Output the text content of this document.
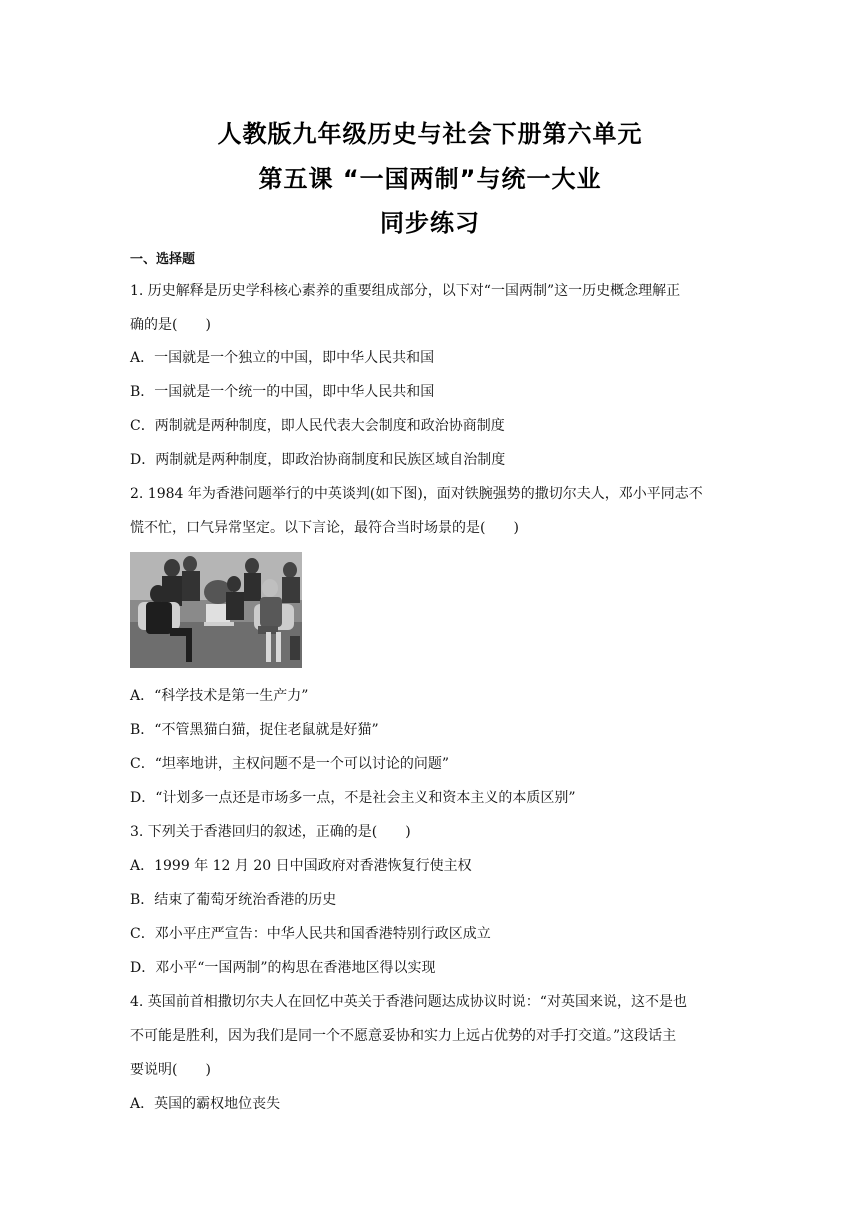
人教版九年级历史与社会下册第六单元
第五课 “一国两制”与统一大业
同步练习
一、选择题
1. 历史解释是历史学科核心素养的重要组成部分，以下对“一国两制”这一历史概念理解正
确的是(　　)
A．一国就是一个独立的中国，即中华人民共和国
B．一国就是一个统一的中国，即中华人民共和国
C．两制就是两种制度，即人民代表大会制度和政治协商制度
D．两制就是两种制度，即政治协商制度和民族区域自治制度
2. 1984 年为香港问题举行的中英谈判(如下图)，面对铁腕强势的撒切尔夫人，邓小平同志不
慌不忙，口气异常坚定。以下言论，最符合当时场景的是(　　)
A．“科学技术是第一生产力”
B．“不管黑猫白猫，捉住老鼠就是好猫”
C．“坦率地讲，主权问题不是一个可以讨论的问题”
D．“计划多一点还是市场多一点，不是社会主义和资本主义的本质区别”
3. 下列关于香港回归的叙述，正确的是(　　)
A．1999 年 12 月 20 日中国政府对香港恢复行使主权
B．结束了葡萄牙统治香港的历史
C．邓小平庄严宣告：中华人民共和国香港特别行政区成立
D．邓小平“一国两制”的构思在香港地区得以实现
4. 英国前首相撒切尔夫人在回忆中英关于香港问题达成协议时说：“对英国来说，这不是也
不可能是胜利，因为我们是同一个不愿意妥协和实力上远占优势的对手打交道。”这段话主
要说明(　　)
A．英国的霸权地位丧失
